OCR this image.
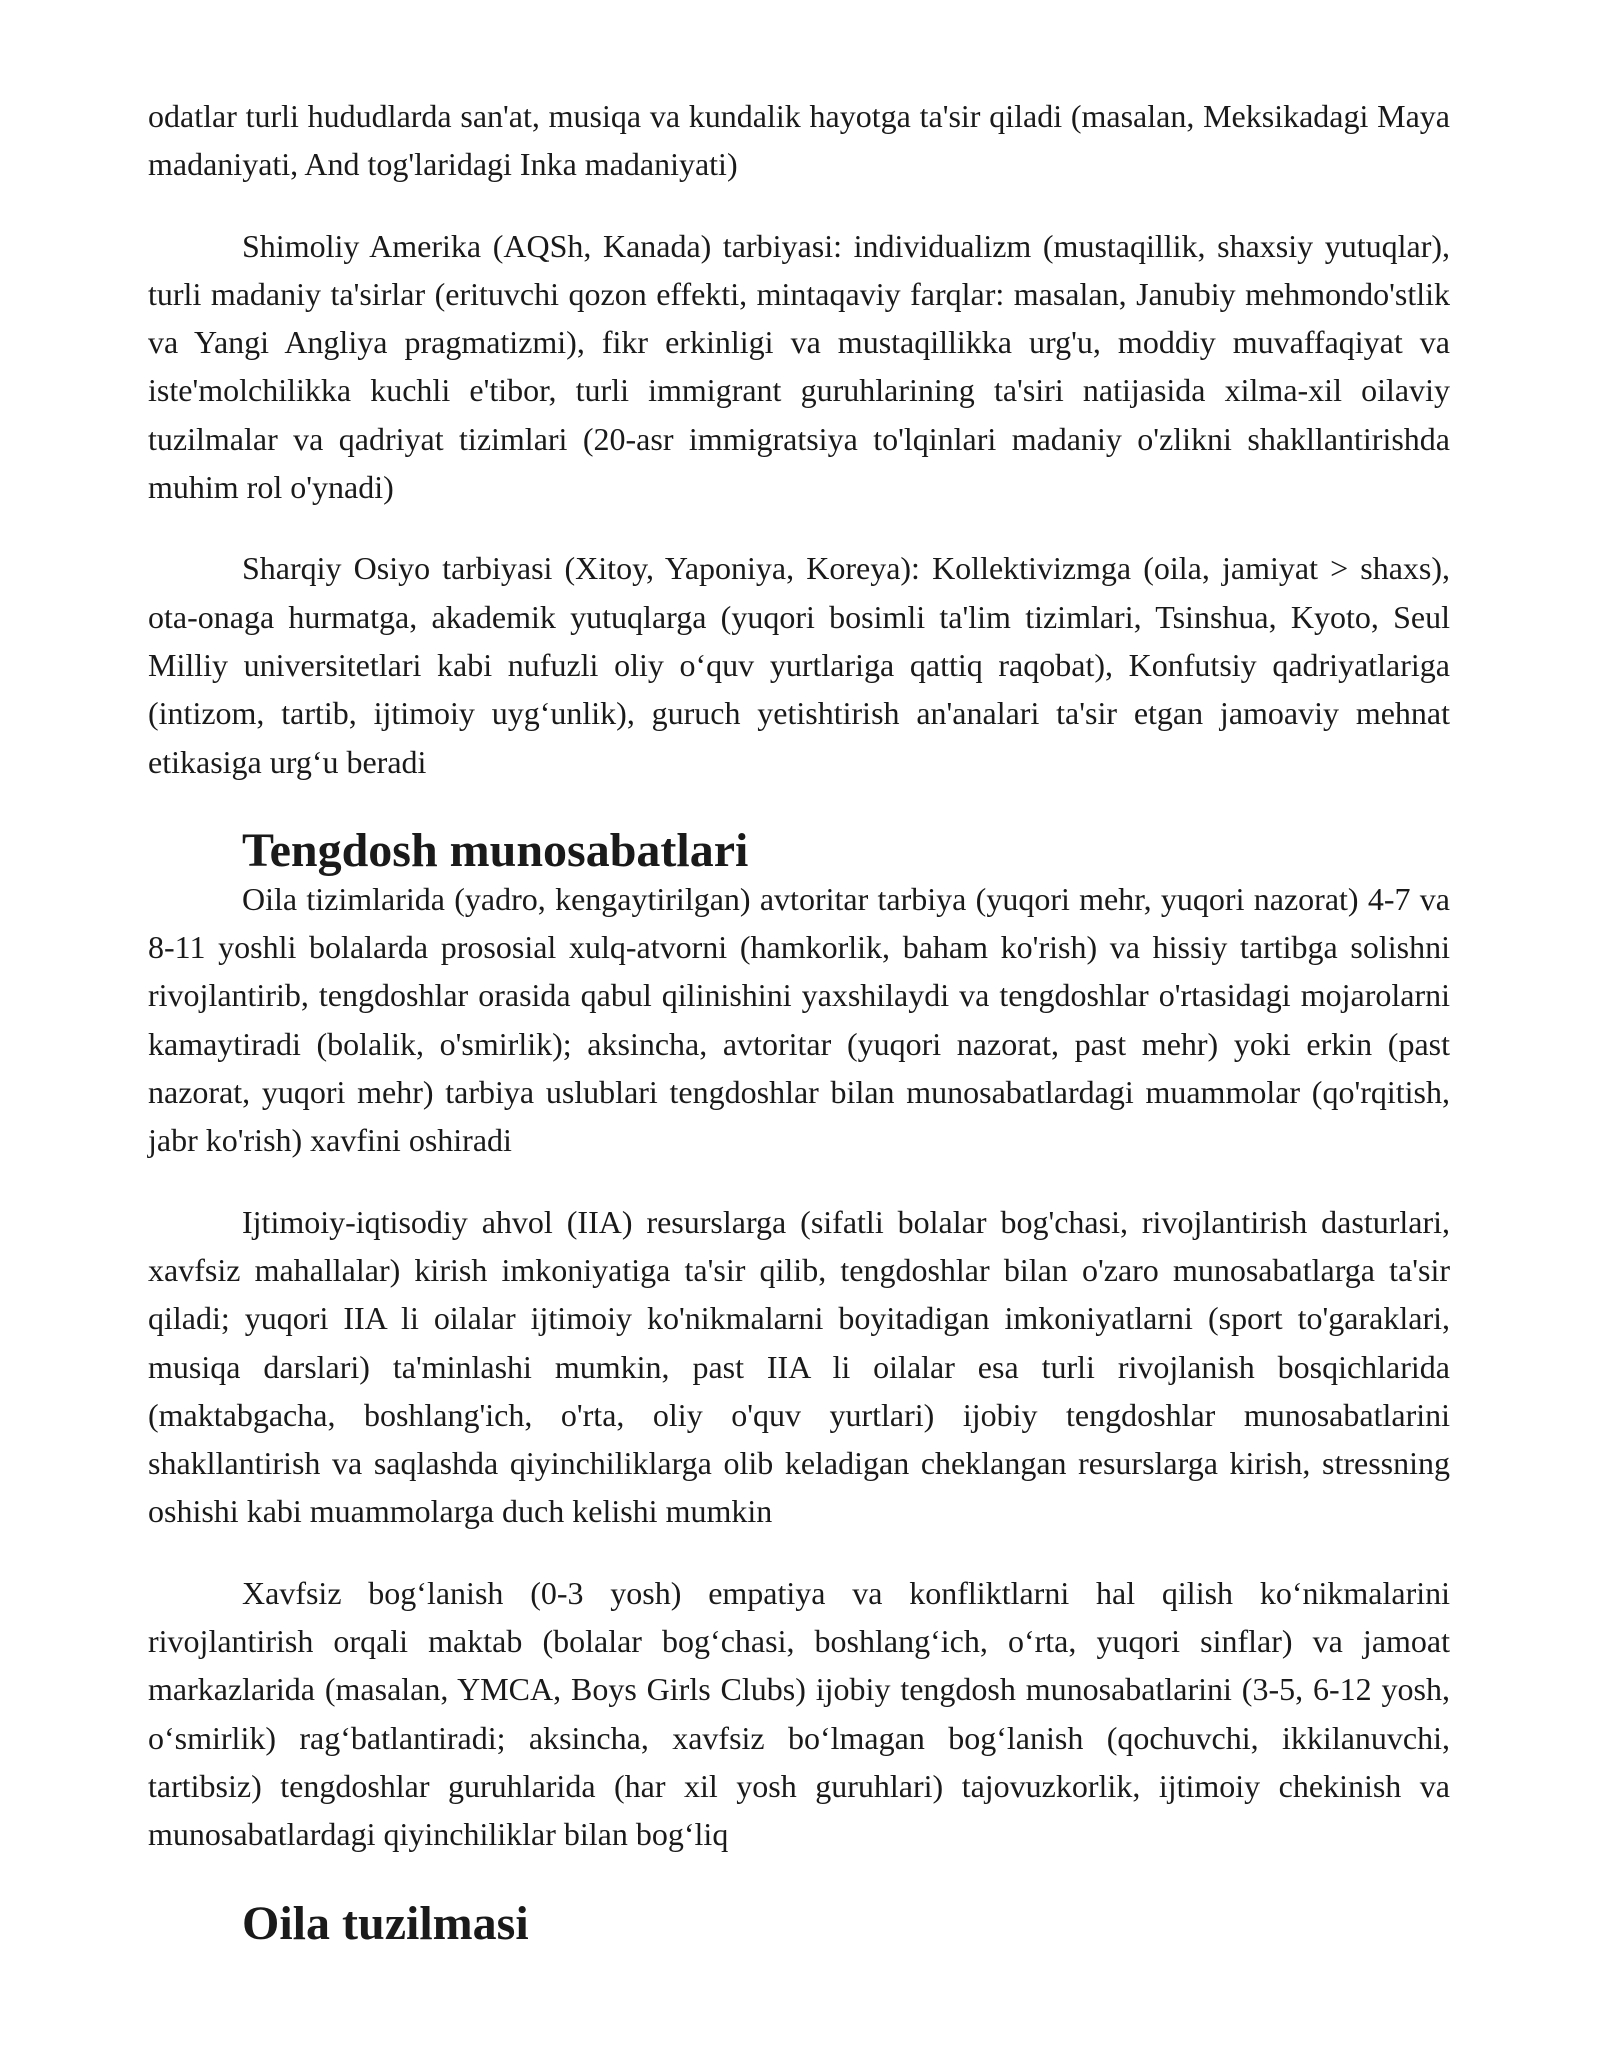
odatlar turli hududlarda san'at, musiqa va kundalik hayotga ta'sir qiladi (masalan, Meksikadagi Maya madaniyati, And tog'laridagi Inka madaniyati)

Shimoliy Amerika (AQSh, Kanada) tarbiyasi: individualizm (mustaqillik, shaxsiy yutuqlar), turli madaniy ta'sirlar (erituvchi qozon effekti, mintaqaviy farqlar: masalan, Janubiy mehmondo'stlik va Yangi Angliya pragmatizmi), fikr erkinligi va mustaqillikka urg'u, moddiy muvaffaqiyat va iste'molchilikka kuchli e'tibor, turli immigrant guruhlarining ta'siri natijasida xilma-xil oilaviy tuzilmalar va qadriyat tizimlari (20-asr immigratsiya to'lqinlari madaniy o'zlikni shakllantirishda muhim rol o'ynadi)

Sharqiy Osiyo tarbiyasi (Xitoy, Yaponiya, Koreya): Kollektivizmga (oila, jamiyat > shaxs), ota-onaga hurmatga, akademik yutuqlarga (yuqori bosimli ta'lim tizimlari, Tsinshua, Kyoto, Seul Milliy universitetlari kabi nufuzli oliy o‘quv yurtlariga qattiq raqobat), Konfutsiy qadriyatlariga (intizom, tartib, ijtimoiy uyg‘unlik), guruch yetishtirish an'analari ta'sir etgan jamoaviy mehnat etikasiga urg‘u beradi

Tengdosh munosabatlari

Oila tizimlarida (yadro, kengaytirilgan) avtoritar tarbiya (yuqori mehr, yuqori nazorat) 4-7 va 8-11 yoshli bolalarda prososial xulq-atvorni (hamkorlik, baham ko'rish) va hissiy tartibga solishni rivojlantirib, tengdoshlar orasida qabul qilinishini yaxshilaydi va tengdoshlar o'rtasidagi mojarolarni kamaytiradi (bolalik, o'smirlik); aksincha, avtoritar (yuqori nazorat, past mehr) yoki erkin (past nazorat, yuqori mehr) tarbiya uslublari tengdoshlar bilan munosabatlardagi muammolar (qo'rqitish, jabr ko'rish) xavfini oshiradi

Ijtimoiy-iqtisodiy ahvol (IIA) resurslarga (sifatli bolalar bog'chasi, rivojlantirish dasturlari, xavfsiz mahallalar) kirish imkoniyatiga ta'sir qilib, tengdoshlar bilan o'zaro munosabatlarga ta'sir qiladi; yuqori IIA li oilalar ijtimoiy ko'nikmalarni boyitadigan imkoniyatlarni (sport to'garaklari, musiqa darslari) ta'minlashi mumkin, past IIA li oilalar esa turli rivojlanish bosqichlarida (maktabgacha, boshlang'ich, o'rta, oliy o'quv yurtlari) ijobiy tengdoshlar munosabatlarini shakllantirish va saqlashda qiyinchiliklarga olib keladigan cheklangan resurslarga kirish, stressning oshishi kabi muammolarga duch kelishi mumkin

Xavfsiz bog‘lanish (0-3 yosh) empatiya va konfliktlarni hal qilish ko‘nikmalarini rivojlantirish orqali maktab (bolalar bog‘chasi, boshlang‘ich, o‘rta, yuqori sinflar) va jamoat markazlarida (masalan, YMCA, Boys Girls Clubs) ijobiy tengdosh munosabatlarini (3-5, 6-12 yosh, o‘smirlik) rag‘batlantiradi; aksincha, xavfsiz bo‘lmagan bog‘lanish (qochuvchi, ikkilanuvchi, tartibsiz) tengdoshlar guruhlarida (har xil yosh guruhlari) tajovuzkorlik, ijtimoiy chekinish va munosabatlardagi qiyinchiliklar bilan bog‘liq

Oila tuzilmasi
